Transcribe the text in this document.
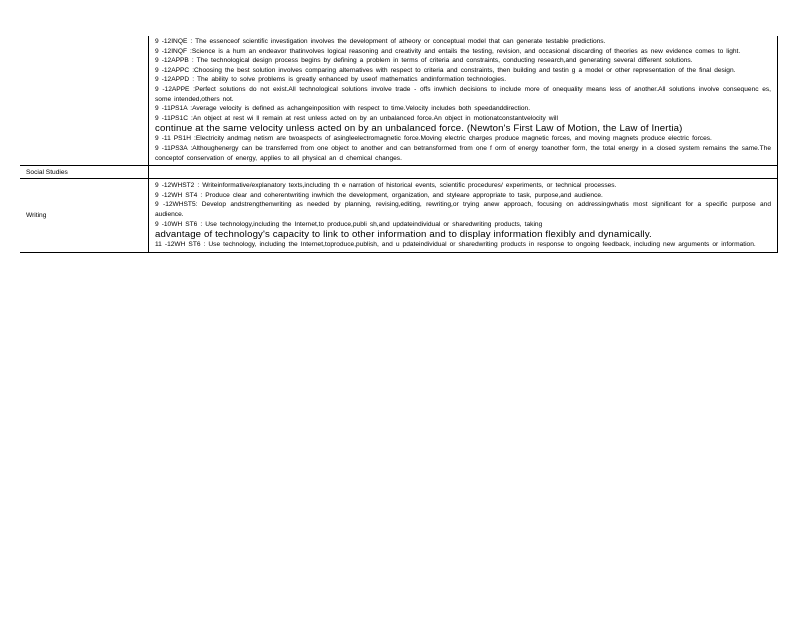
9 -12INQE : The essenceof scientific investigation involves the development of atheory or conceptual model that can generate testable predictions.
9 -12INQF :Science is a hum an endeavor thatinvolves logical reasoning and creativity and entails the testing, revision, and occasional discarding of theories as new evidence comes to light.
9 -12APPB : The technological design process begins by defining a problem in terms of criteria and constraints, conducting research,and generating several different solutions.
9 -12APPC :Choosing the best solution involves comparing alternatives with respect to criteria and constraints, then building and testin g a model or other representation of the final design.
9 -12APPD : The ability to solve problems is greatly enhanced by useof mathematics andinformation technologies.
9 -12APPE :Perfect solutions do not exist.All technological solutions involve trade - offs inwhich decisions to include more of onequality means less of another.All solutions involve consequenc es, some intended,others not.
9 -11PS1A :Average velocity is defined as achangeinposition with respect to time.Velocity includes both speedanddirection.
9 -11PS1C :An object at rest wi ll remain at rest unless acted on by an unbalanced force.An object in motionatconstantvelocity will
continue at the same velocity unless acted on by an unbalanced force. (Newton's First Law of Motion, the Law of Inertia)
9 -11 PS1H :Electricity andmag netism are twoaspects of asingleelectromagnetic force.Moving electric charges produce magnetic forces, and moving magnets produce electric forces.
9 -11PS3A :Althoughenergy can be transferred from one object to another and can betransformed from one f orm of energy toanother form, the total energy in a closed system remains the same.The conceptof conservation of energy, applies to all physical an d chemical changes.
Social Studies
Writing
9 -12WHST2 : Writeinformative/explanatory texts,including th e narration of historical events, scientific procedures/ experiments, or technical processes.
9 -12WH ST4 : Produce clear and coherentwriting inwhich the development, organization, and styleare appropriate to task, purpose,and audience.
9 -12WHST5: Develop andstrengthenwriting as needed by planning, revising,editing, rewriting,or trying anew approach, focusing on addressingwhatis most significant for a specific purpose and audience.
9 -10WH ST6 : Use technology,including the Internet,to produce,publi sh,and updateindividual or sharedwriting products, taking
advantage of technology's capacity to link to other information and to display information flexibly and dynamically.
11 -12WH ST6 : Use technology, including the Internet,toproduce,publish, and u pdateindividual or sharedwriting products in response to ongoing feedback, including new arguments or information.
